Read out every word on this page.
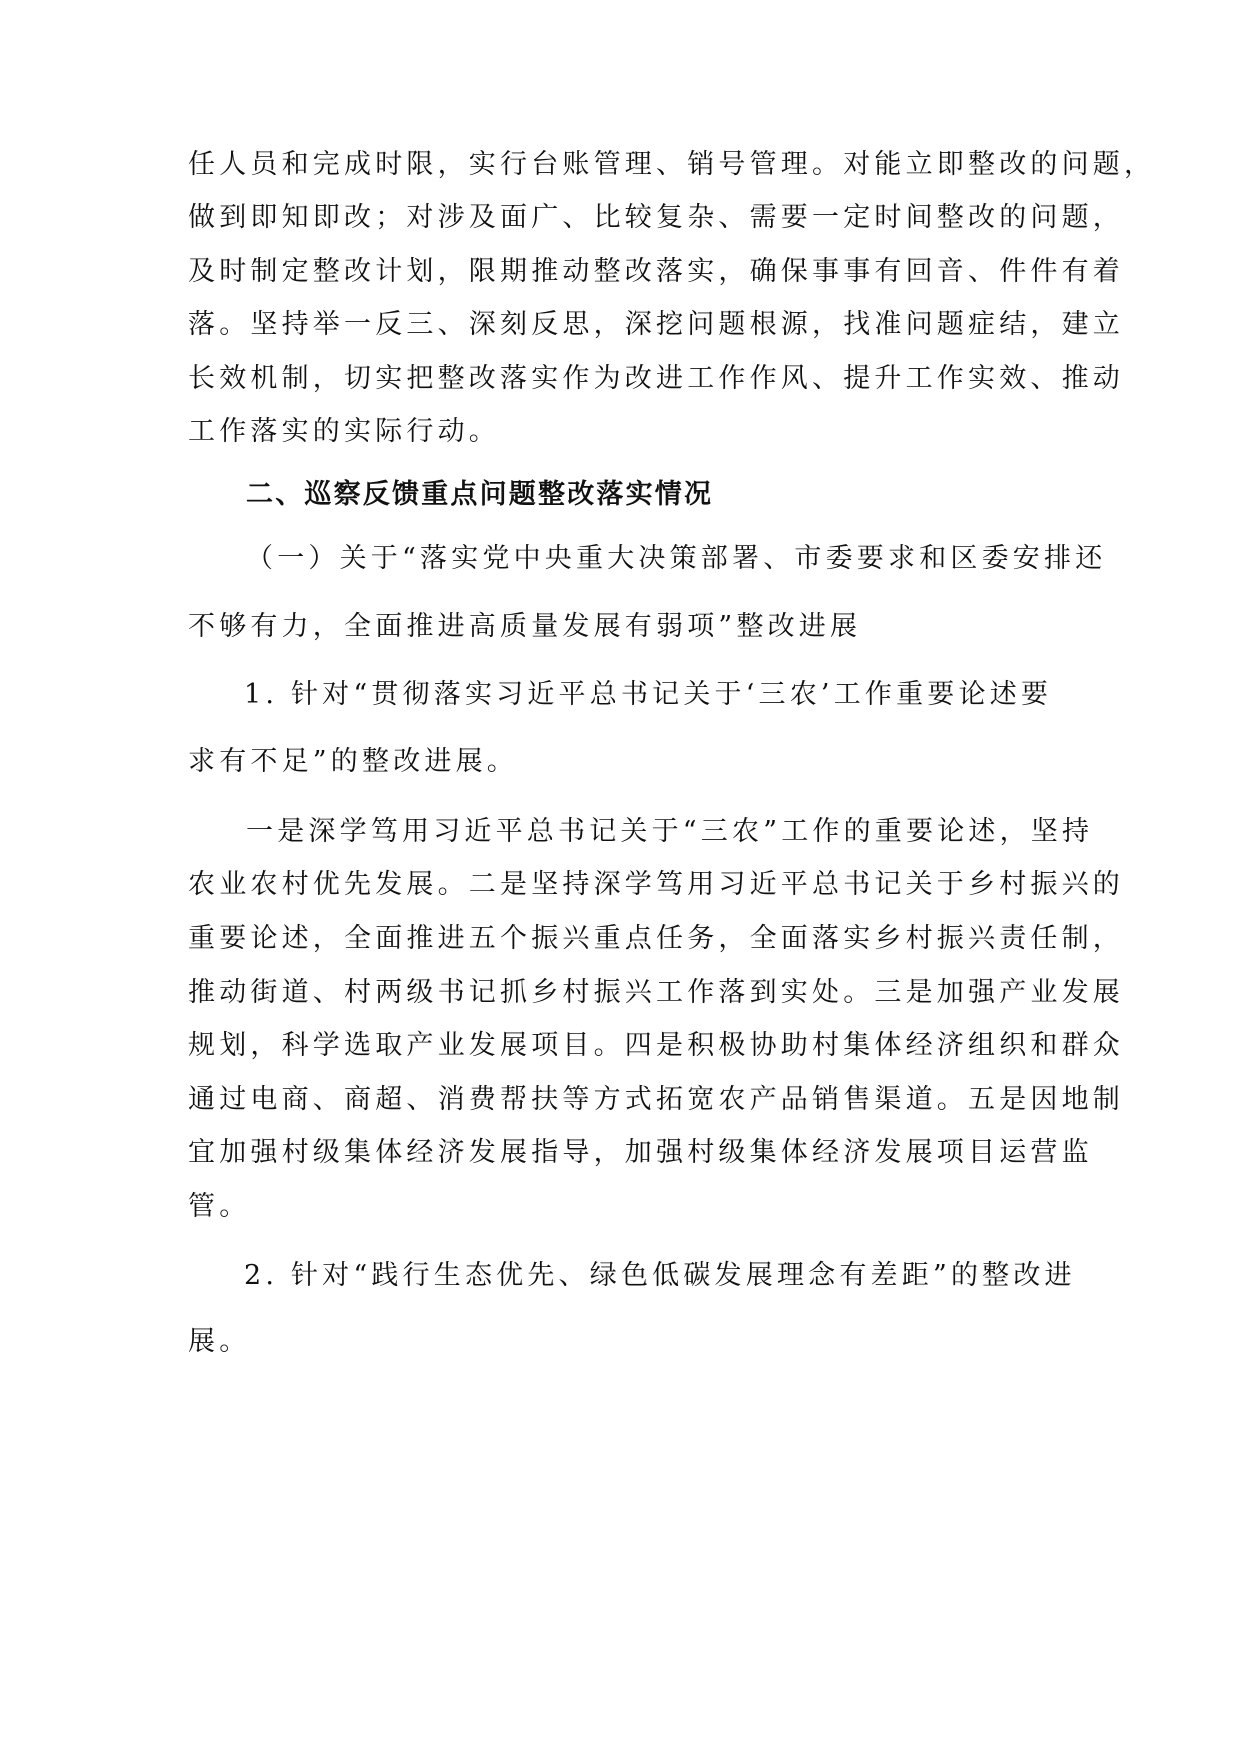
任人员和完成时限，实行台账管理、销号管理。对能立即整改的问题，
做到即知即改；对涉及面广、比较复杂、需要一定时间整改的问题，
及时制定整改计划，限期推动整改落实，确保事事有回音、件件有着
落。坚持举一反三、深刻反思，深挖问题根源，找准问题症结，建立
长效机制，切实把整改落实作为改进工作作风、提升工作实效、推动
工作落实的实际行动。
二、巡察反馈重点问题整改落实情况
（一）关于“落实党中央重大决策部署、市委要求和区委安排还
不够有力，全面推进高质量发展有弱项”整改进展
1. 针对“贯彻落实习近平总书记关于‘三农’工作重要论述要
求有不足”的整改进展。
一是深学笃用习近平总书记关于“三农”工作的重要论述，坚持
农业农村优先发展。二是坚持深学笃用习近平总书记关于乡村振兴的
重要论述，全面推进五个振兴重点任务，全面落实乡村振兴责任制，
推动街道、村两级书记抓乡村振兴工作落到实处。三是加强产业发展
规划，科学选取产业发展项目。四是积极协助村集体经济组织和群众
通过电商、商超、消费帮扶等方式拓宽农产品销售渠道。五是因地制
宜加强村级集体经济发展指导，加强村级集体经济发展项目运营监
管。
2. 针对“践行生态优先、绿色低碳发展理念有差距”的整改进
展。
